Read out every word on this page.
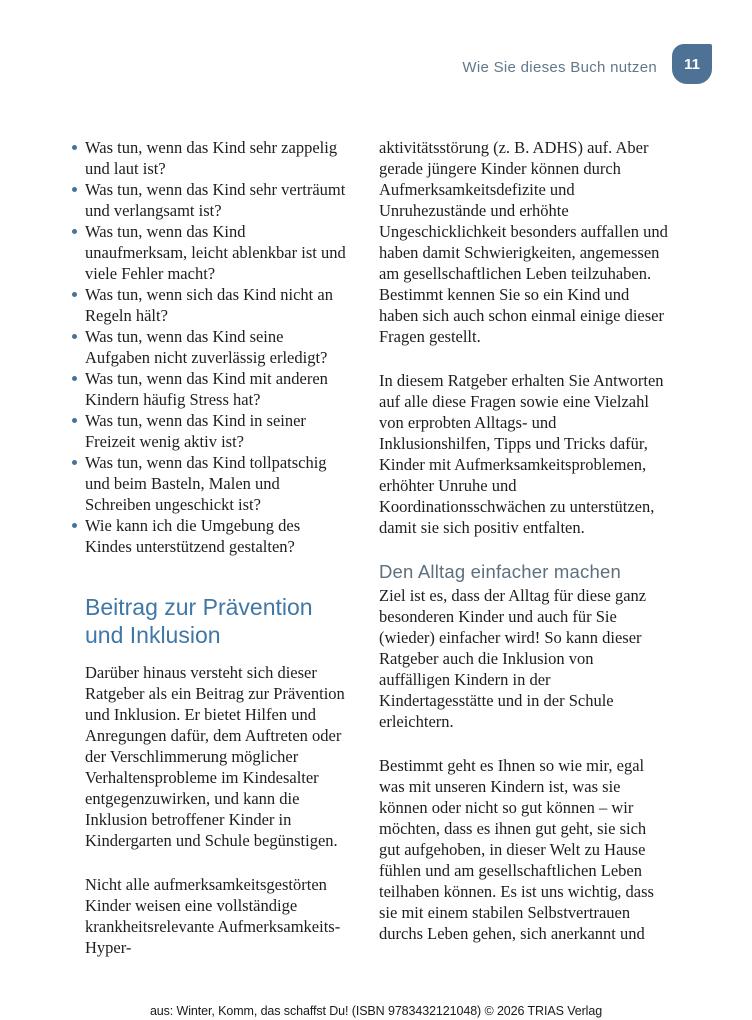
Wie Sie dieses Buch nutzen 11
Was tun, wenn das Kind sehr zappelig und laut ist?
Was tun, wenn das Kind sehr verträumt und verlangsamt ist?
Was tun, wenn das Kind unaufmerksam, leicht ablenkbar ist und viele Fehler macht?
Was tun, wenn sich das Kind nicht an Regeln hält?
Was tun, wenn das Kind seine Aufgaben nicht zuverlässig erledigt?
Was tun, wenn das Kind mit anderen Kindern häufig Stress hat?
Was tun, wenn das Kind in seiner Freizeit wenig aktiv ist?
Was tun, wenn das Kind tollpatschig und beim Basteln, Malen und Schreiben ungeschickt ist?
Wie kann ich die Umgebung des Kindes unterstützend gestalten?
Beitrag zur Prävention und Inklusion

Darüber hinaus versteht sich dieser Ratgeber als ein Beitrag zur Prävention und Inklusion. Er bietet Hilfen und Anregungen dafür, dem Auftreten oder der Verschlimmerung möglicher Verhaltensprobleme im Kindesalter entgegenzuwirken, und kann die Inklusion betroffener Kinder in Kindergarten und Schule begünstigen.

Nicht alle aufmerksamkeitsgestörten Kinder weisen eine vollständige krankheitsrelevante Aufmerksamkeits-Hyper-

aktivitätsstörung (z. B. ADHS) auf. Aber gerade jüngere Kinder können durch Aufmerksamkeitsdefizite und Unruhezustände und erhöhte Ungeschicklichkeit besonders auffallen und haben damit Schwierigkeiten, angemessen am gesellschaftlichen Leben teilzuhaben. Bestimmt kennen Sie so ein Kind und haben sich auch schon einmal einige dieser Fragen gestellt.

In diesem Ratgeber erhalten Sie Antworten auf alle diese Fragen sowie eine Vielzahl von erprobten Alltags- und Inklusionshilfen, Tipps und Tricks dafür, Kinder mit Aufmerksamkeitsproblemen, erhöhter Unruhe und Koordinationsschwächen zu unterstützen, damit sie sich positiv entfalten.

Den Alltag einfacher machen

Ziel ist es, dass der Alltag für diese ganz besonderen Kinder und auch für Sie (wieder) einfacher wird! So kann dieser Ratgeber auch die Inklusion von auffälligen Kindern in der Kindertagesstätte und in der Schule erleichtern.

Bestimmt geht es Ihnen so wie mir, egal was mit unseren Kindern ist, was sie können oder nicht so gut können – wir möchten, dass es ihnen gut geht, sie sich gut aufgehoben, in dieser Welt zu Hause fühlen und am gesellschaftlichen Leben teilhaben können. Es ist uns wichtig, dass sie mit einem stabilen Selbstvertrauen durchs Leben gehen, sich anerkannt und

aus: Winter, Komm, das schaffst Du! (ISBN 9783432121048) © 2026 TRIAS Verlag
